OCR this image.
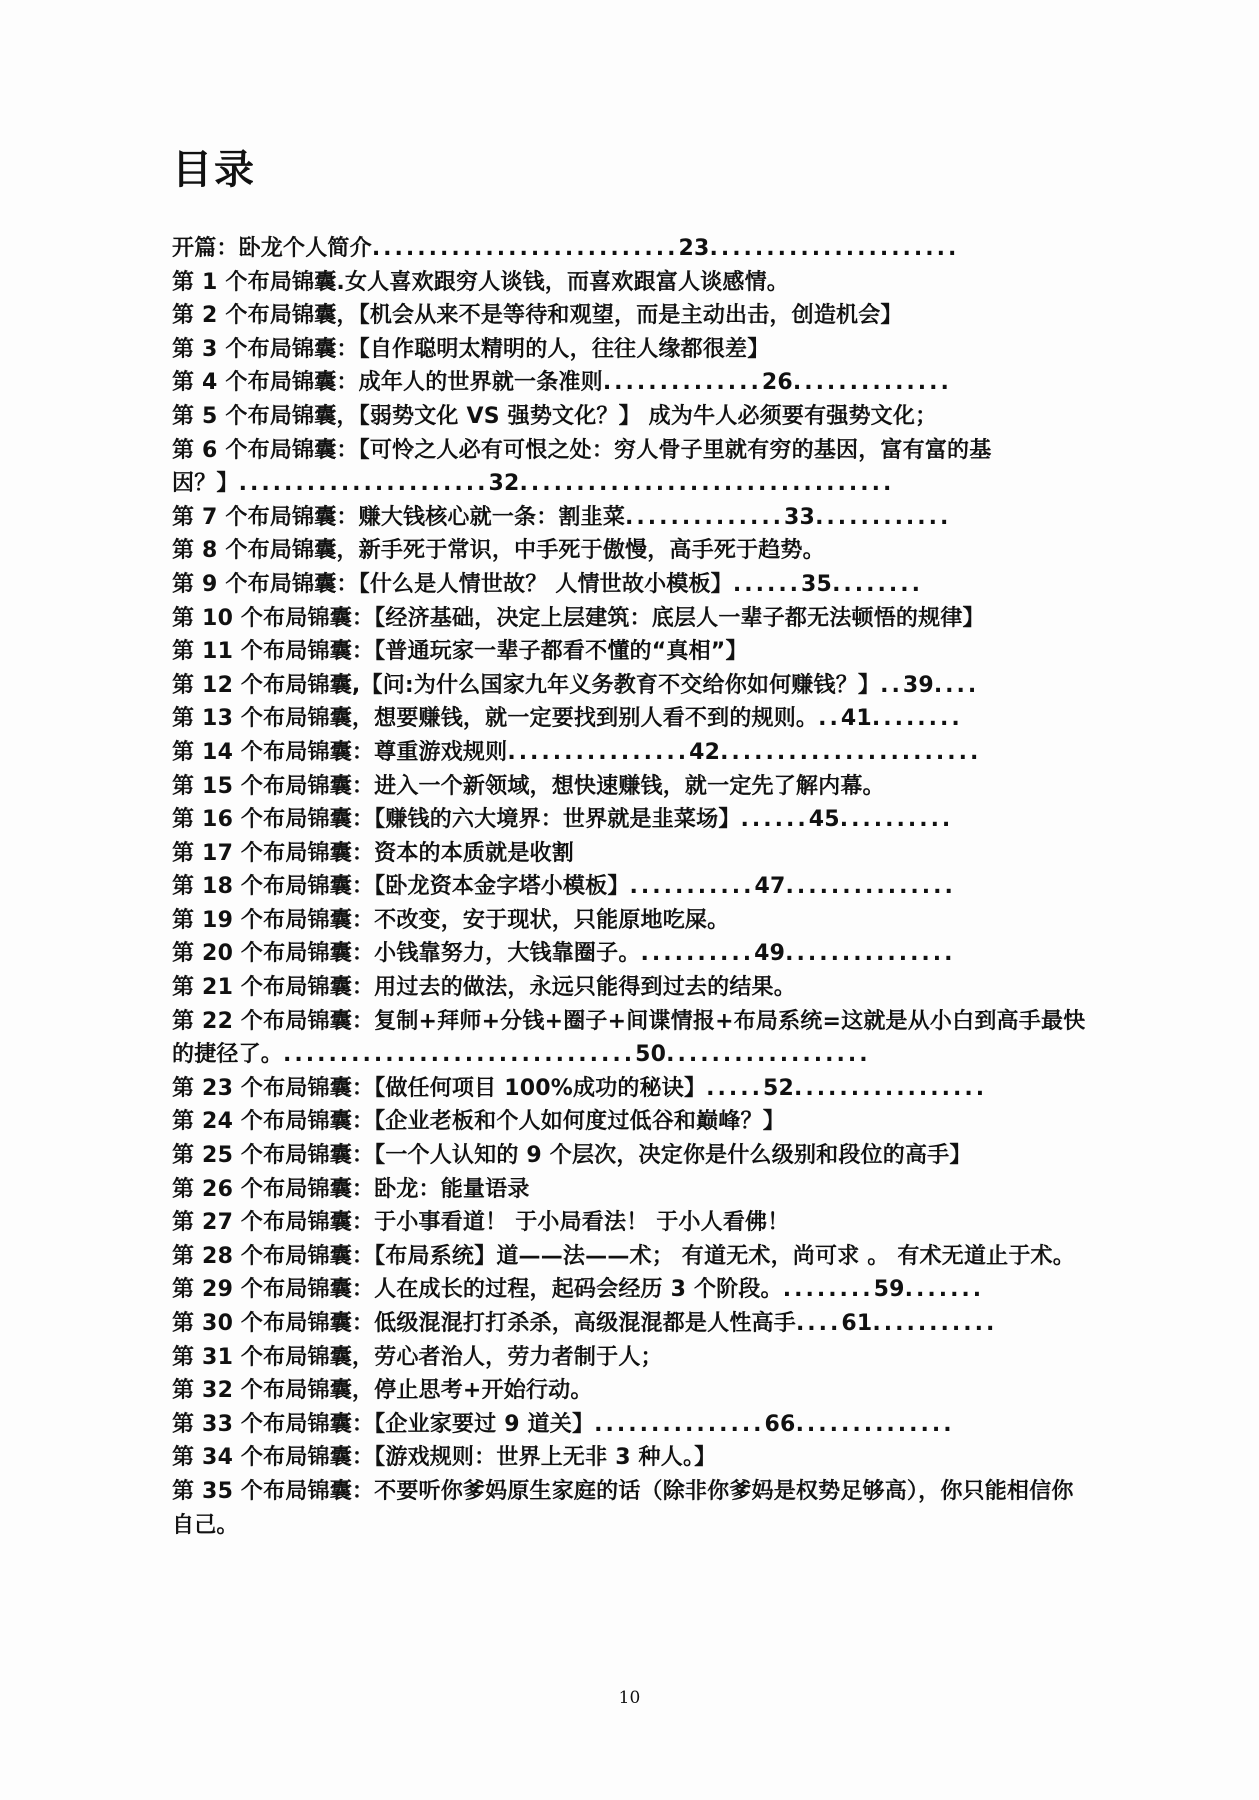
目录
开篇：卧龙个人简介...........................23......................
第 1 个布局锦囊.女人喜欢跟穷人谈钱，而喜欢跟富人谈感情。
第 2 个布局锦囊，【机会从来不是等待和观望，而是主动出击，创造机会】
第 3 个布局锦囊：【自作聪明太精明的人，往往人缘都很差】
第 4 个布局锦囊：成年人的世界就一条准则..............26..............
第 5 个布局锦囊，【弱势文化 VS 强势文化？】 成为牛人必须要有强势文化；
第 6 个布局锦囊：【可怜之人必有可恨之处：穷人骨子里就有穷的基因，富有富的基因？】......................32.................................
第 7 个布局锦囊：赚大钱核心就一条：割韭菜..............33............
第 8 个布局锦囊，新手死于常识，中手死于傲慢，高手死于趋势。
第 9 个布局锦囊：【什么是人情世故？ 人情世故小模板】......35........
第 10 个布局锦囊：【经济基础，决定上层建筑：底层人一辈子都无法顿悟的规律】
第 11 个布局锦囊：【普通玩家一辈子都看不懂的“真相”】
第 12 个布局锦囊,【问:为什么国家九年义务教育不交给你如何赚钱？】..39....
第 13 个布局锦囊，想要赚钱，就一定要找到别人看不到的规则。..41........
第 14 个布局锦囊：尊重游戏规则................42.......................
第 15 个布局锦囊：进入一个新领域，想快速赚钱，就一定先了解内幕。
第 16 个布局锦囊：【赚钱的六大境界：世界就是韭菜场】......45..........
第 17 个布局锦囊：资本的本质就是收割
第 18 个布局锦囊：【卧龙资本金字塔小模板】...........47...............
第 19 个布局锦囊：不改变，安于现状，只能原地吃屎。
第 20 个布局锦囊：小钱靠努力，大钱靠圈子。..........49...............
第 21 个布局锦囊：用过去的做法，永远只能得到过去的结果。
第 22 个布局锦囊：复制+拜师+分钱+圈子+间谍情报+布局系统=这就是从小白到高手最快的捷径了。...............................50..................
第 23 个布局锦囊：【做任何项目 100%成功的秘诀】.....52.................
第 24 个布局锦囊：【企业老板和个人如何度过低谷和巅峰？】
第 25 个布局锦囊：【一个人认知的 9 个层次，决定你是什么级别和段位的高手】
第 26 个布局锦囊：卧龙：能量语录
第 27 个布局锦囊：于小事看道！ 于小局看法！ 于小人看佛！
第 28 个布局锦囊：【布局系统】道——法——术； 有道无术，尚可求 。 有术无道止于术。
第 29 个布局锦囊：人在成长的过程，起码会经历 3 个阶段。........59.......
第 30 个布局锦囊：低级混混打打杀杀，高级混混都是人性高手....61...........
第 31 个布局锦囊，劳心者治人，劳力者制于人；
第 32 个布局锦囊，停止思考+开始行动。
第 33 个布局锦囊：【企业家要过 9 道关】...............66..............
第 34 个布局锦囊：【游戏规则：世界上无非 3 种人。】
第 35 个布局锦囊：不要听你爹妈原生家庭的话（除非你爹妈是权势足够高），你只能相信你自己。
10
